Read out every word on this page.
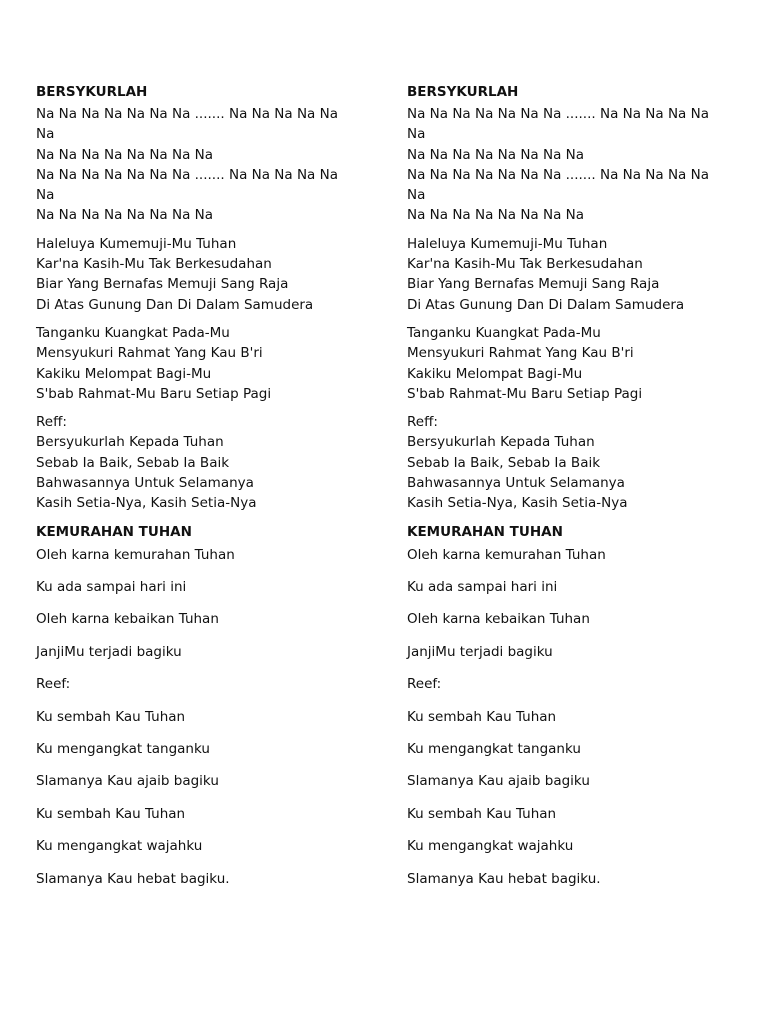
BERSYKURLAH
Na Na Na Na Na Na Na ....... Na Na Na Na Na Na
Na Na Na Na Na Na Na Na
Na Na Na Na Na Na Na ....... Na Na Na Na Na Na
Na Na Na Na Na Na Na Na
Haleluya Kumemuji-Mu Tuhan
Kar'na Kasih-Mu Tak Berkesudahan
Biar Yang Bernafas Memuji Sang Raja
Di Atas Gunung Dan Di Dalam Samudera
Tanganku Kuangkat Pada-Mu
Mensyukuri Rahmat Yang Kau B'ri
Kakiku Melompat Bagi-Mu
S'bab Rahmat-Mu Baru Setiap Pagi
Reff:
Bersyukurlah Kepada Tuhan
Sebab Ia Baik, Sebab Ia Baik
Bahwasannya Untuk Selamanya
Kasih Setia-Nya, Kasih Setia-Nya
KEMURAHAN TUHAN
Oleh karna kemurahan Tuhan
Ku ada sampai hari ini
Oleh karna kebaikan Tuhan
JanjiMu terjadi bagiku
Reef:
Ku sembah Kau Tuhan
Ku mengangkat tanganku
Slamanya Kau ajaib bagiku
Ku sembah Kau Tuhan
Ku mengangkat wajahku
Slamanya Kau hebat bagiku.
BERSYKURLAH
Na Na Na Na Na Na Na ....... Na Na Na Na Na Na
Na Na Na Na Na Na Na Na
Na Na Na Na Na Na Na ....... Na Na Na Na Na Na
Na Na Na Na Na Na Na Na
Haleluya Kumemuji-Mu Tuhan
Kar'na Kasih-Mu Tak Berkesudahan
Biar Yang Bernafas Memuji Sang Raja
Di Atas Gunung Dan Di Dalam Samudera
Tanganku Kuangkat Pada-Mu
Mensyukuri Rahmat Yang Kau B'ri
Kakiku Melompat Bagi-Mu
S'bab Rahmat-Mu Baru Setiap Pagi
Reff:
Bersyukurlah Kepada Tuhan
Sebab Ia Baik, Sebab Ia Baik
Bahwasannya Untuk Selamanya
Kasih Setia-Nya, Kasih Setia-Nya
KEMURAHAN TUHAN
Oleh karna kemurahan Tuhan
Ku ada sampai hari ini
Oleh karna kebaikan Tuhan
JanjiMu terjadi bagiku
Reef:
Ku sembah Kau Tuhan
Ku mengangkat tanganku
Slamanya Kau ajaib bagiku
Ku sembah Kau Tuhan
Ku mengangkat wajahku
Slamanya Kau hebat bagiku.
